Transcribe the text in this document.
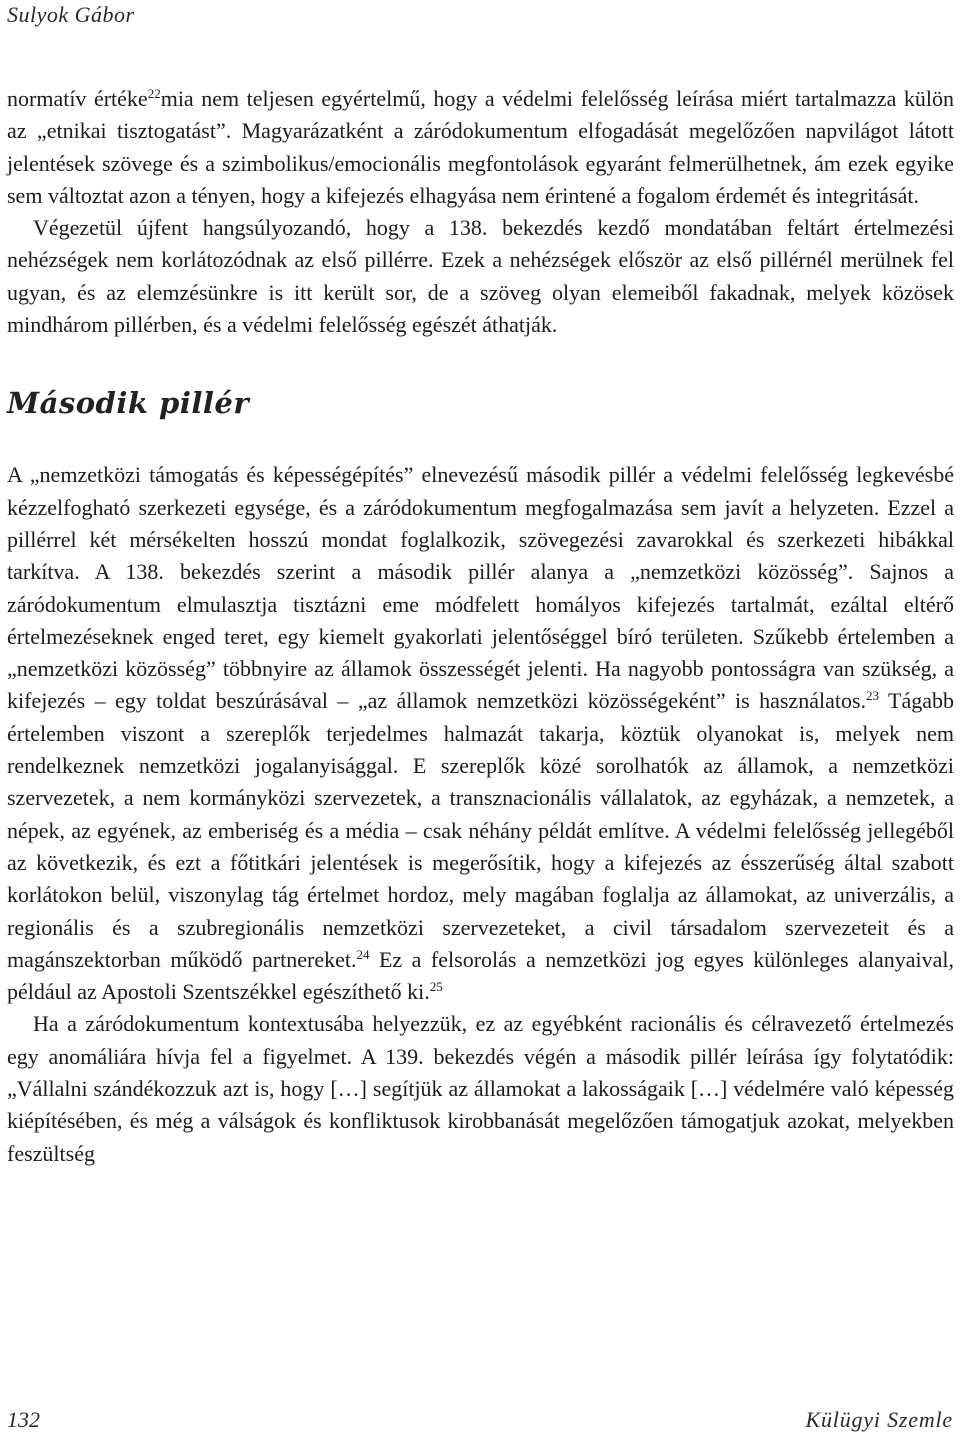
Sulyok Gábor

normatív értéke$^{22}$mia nem teljesen egyértelmű, hogy a védelmi felelősség leírása miért tartalmazza külön az „etnikai tisztogatást”. Magyarázatként a záródokumentum elfogadását megelőzően napvilágot látott jelentések szövege és a szimbolikus/emocionális megfontolások egyaránt felmerülhetnek, ám ezek egyike sem változtat azon a tényen, hogy a kifejezés elhagyása nem érintené a fogalom érdemét és integritását.

Végezetül újfent hangsúlyozandó, hogy a 138. bekezdés kezdő mondatában feltárt értelmezési nehézségek nem korlátozódnak az első pillérre. Ezek a nehézségek először az első pillérnél merülnek fel ugyan, és az elemzésünkre is itt került sor, de a szöveg olyan elemeiből fakadnak, melyek közösek mindhárom pillérben, és a védelmi felelősség egészét áthatják.

Második pillér

A „nemzetközi támogatás és képességépítés” elnevezésű második pillér a védelmi felelősség legkevésbé kézzelfogható szerkezeti egysége, és a záródokumentum megfogalmazása sem javít a helyzeten. Ezzel a pillérrel két mérsékelten hosszú mondat foglalkozik, szövegezési zavarokkal és szerkezeti hibákkal tarkítva. A 138. bekezdés szerint a második pillér alanya a „nemzetközi közösség”. Sajnos a záródokumentum elmulasztja tisztázni eme módfelett homályos kifejezés tartalmát, ezáltal eltérő értelmezéseknek enged teret, egy kiemelt gyakorlati jelentőséggel bíró területen. Szűkebb értelemben a „nemzetközi közösség” többnyire az államok összességét jelenti. Ha nagyobb pontosságra van szükség, a kifejezés – egy toldat beszúrásával – „az államok nemzetközi közösségeként” is használatos.$^{23}$ Tágabb értelemben viszont a szereplők terjedelmes halmazát takarja, köztük olyanokat is, melyek nem rendelkeznek nemzetközi jogalanyisággal. E szereplők közé sorolhatók az államok, a nemzetközi szervezetek, a nem kormányközi szervezetek, a transznacionális vállalatok, az egyházak, a nemzetek, a népek, az egyének, az emberiség és a média – csak néhány példát említve. A védelmi felelősség jellegéből az következik, és ezt a főtitkári jelentések is megerősítik, hogy a kifejezés az ésszerűség által szabott korlátokon belül, viszonylag tág értelmet hordoz, mely magában foglalja az államokat, az univerzális, a regionális és a szubregionális nemzetközi szervezeteket, a civil társadalom szervezeteit és a magánszektorban működő partnereket.$^{24}$ Ez a felsorolás a nemzetközi jog egyes különleges alanyaival, például az Apostoli Szentszékkel egészíthető ki.$^{25}$

Ha a záródokumentum kontextusába helyezzük, ez az egyébként racionális és célravezető értelmezés egy anomáliára hívja fel a figyelmet. A 139. bekezdés végén a második pillér leírása így folytatódik: „Vállalni szándékozzuk azt is, hogy […] segítjük az államokat a lakosságaik […] védelmére való képesség kiépítésében, és még a válságok és konfliktusok kirobbanását megelőzően támogatjuk azokat, melyekben feszültség

132	Külügyi Szemle
